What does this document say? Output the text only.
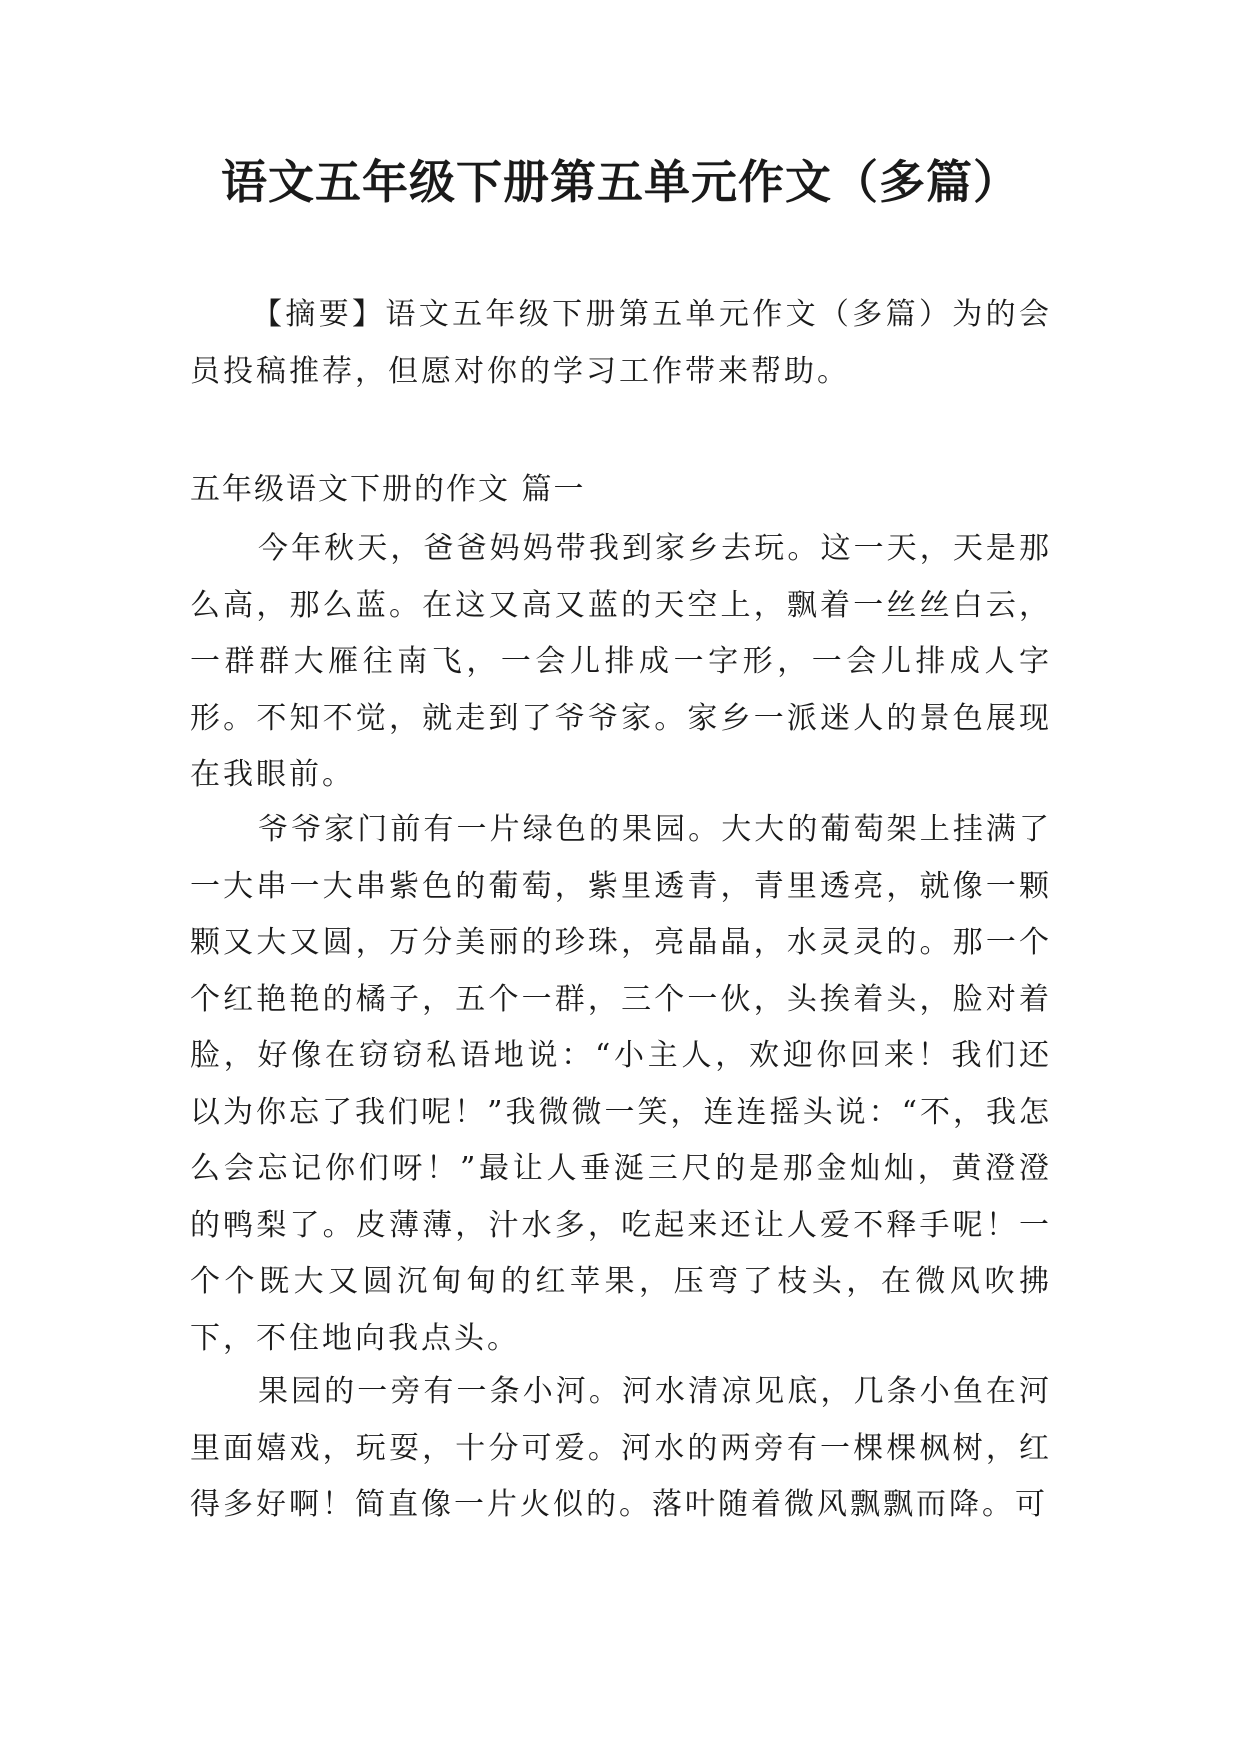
语文五年级下册第五单元作文（多篇）

【摘要】语文五年级下册第五单元作文（多篇）为的会员投稿推荐，但愿对你的学习工作带来帮助。

五年级语文下册的作文 篇一

今年秋天，爸爸妈妈带我到家乡去玩。这一天，天是那么高，那么蓝。在这又高又蓝的天空上，飘着一丝丝白云，一群群大雁往南飞，一会儿排成一字形，一会儿排成人字形。不知不觉，就走到了爷爷家。家乡一派迷人的景色展现在我眼前。

爷爷家门前有一片绿色的果园。大大的葡萄架上挂满了一大串一大串紫色的葡萄，紫里透青，青里透亮，就像一颗颗又大又圆，万分美丽的珍珠，亮晶晶，水灵灵的。那一个个红艳艳的橘子，五个一群，三个一伙，头挨着头，脸对着脸，好像在窃窃私语地说：“小主人，欢迎你回来！我们还以为你忘了我们呢！”我微微一笑，连连摇头说：“不，我怎么会忘记你们呀！”最让人垂涎三尺的是那金灿灿，黄澄澄的鸭梨了。皮薄薄，汁水多，吃起来还让人爱不释手呢！一个个既大又圆沉甸甸的红苹果，压弯了枝头，在微风吹拂下，不住地向我点头。

果园的一旁有一条小河。河水清凉见底，几条小鱼在河里面嬉戏，玩耍，十分可爱。河水的两旁有一棵棵枫树，红得多好啊！简直像一片火似的。落叶随着微风飘飘而降。可
